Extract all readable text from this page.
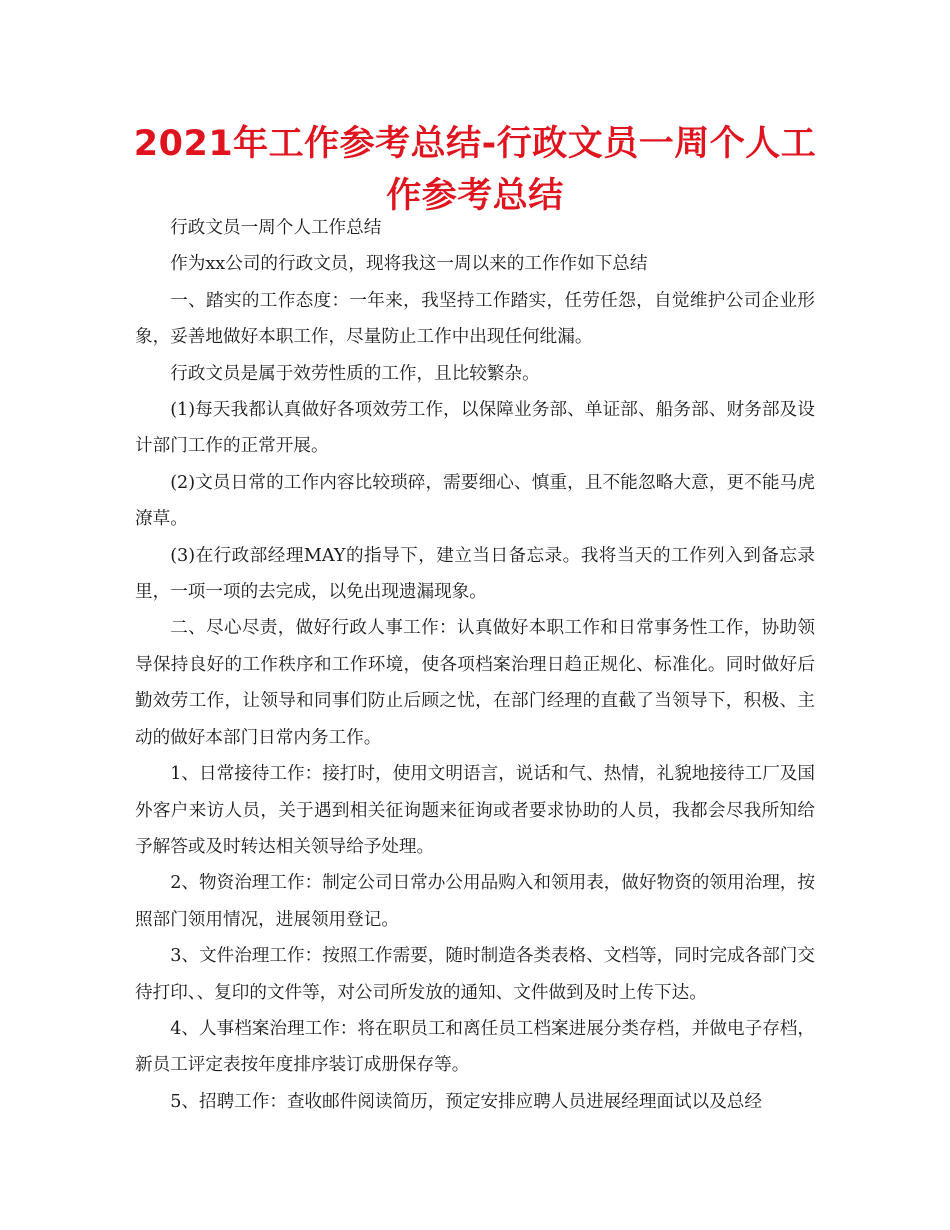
2021年工作参考总结-行政文员一周个人工作参考总结

行政文员一周个人工作总结

作为xx公司的行政文员，现将我这一周以来的工作作如下总结

一、踏实的工作态度：一年来，我坚持工作踏实，任劳任怨，自觉维护公司企业形象，妥善地做好本职工作，尽量防止工作中出现任何纰漏。

行政文员是属于效劳性质的工作，且比较繁杂。

(1)每天我都认真做好各项效劳工作，以保障业务部、单证部、船务部、财务部及设计部门工作的正常开展。

(2)文员日常的工作内容比较琐碎，需要细心、慎重，且不能忽略大意，更不能马虎潦草。

(3)在行政部经理MAY的指导下，建立当日备忘录。我将当天的工作列入到备忘录里，一项一项的去完成，以免出现遗漏现象。

二、尽心尽责，做好行政人事工作：认真做好本职工作和日常事务性工作，协助领导保持良好的工作秩序和工作环境，使各项档案治理日趋正规化、标准化。同时做好后勤效劳工作，让领导和同事们防止后顾之忧，在部门经理的直截了当领导下，积极、主动的做好本部门日常内务工作。

1、日常接待工作：接打时，使用文明语言，说话和气、热情，礼貌地接待工厂及国外客户来访人员，关于遇到相关征询题来征询或者要求协助的人员，我都会尽我所知给予解答或及时转达相关领导给予处理。

2、物资治理工作：制定公司日常办公用品购入和领用表，做好物资的领用治理，按照部门领用情况，进展领用登记。

3、文件治理工作：按照工作需要，随时制造各类表格、文档等，同时完成各部门交待打印、、复印的文件等，对公司所发放的通知、文件做到及时上传下达。

4、人事档案治理工作：将在职员工和离任员工档案进展分类存档，并做电子存档，新员工评定表按年度排序装订成册保存等。

5、招聘工作：查收邮件阅读简历，预定安排应聘人员进展经理面试以及总经
